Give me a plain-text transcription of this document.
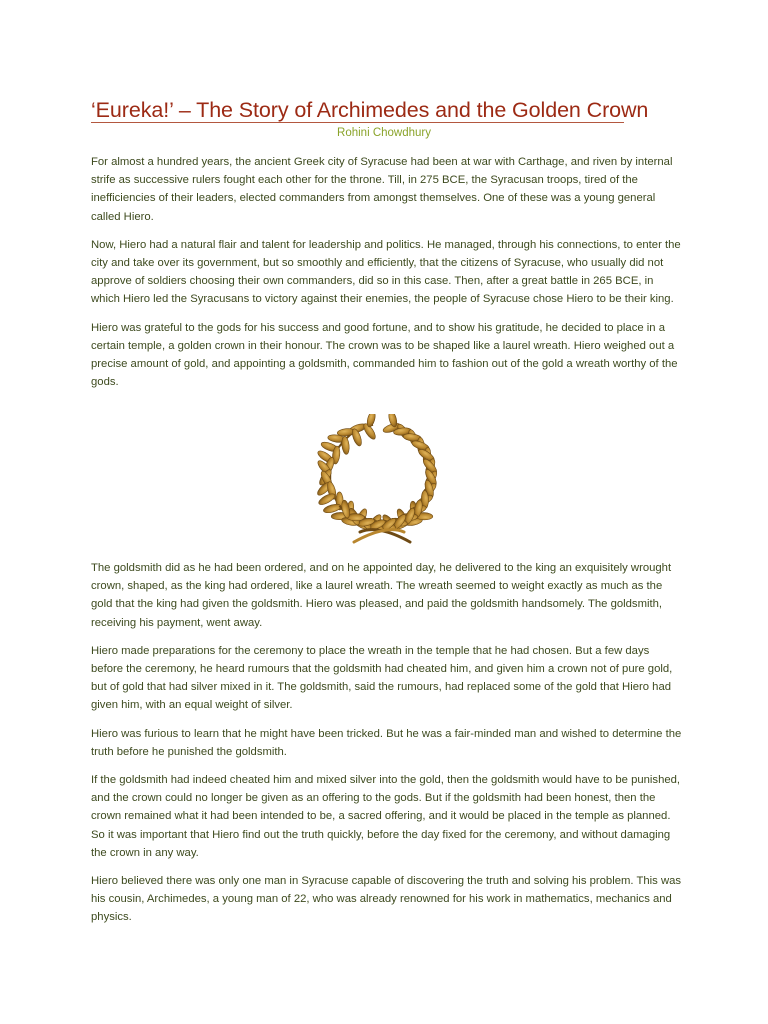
‘Eureka!’ – The Story of Archimedes and the Golden Crown
Rohini Chowdhury

For almost a hundred years, the ancient Greek city of Syracuse had been at war with Carthage, and riven by internal strife as successive rulers fought each other for the throne. Till, in 275 BCE, the Syracusan troops, tired of the inefficiencies of their leaders, elected commanders from amongst themselves. One of these was a young general called Hiero.

Now, Hiero had a natural flair and talent for leadership and politics. He managed, through his connections, to enter the city and take over its government, but so smoothly and efficiently, that the citizens of Syracuse, who usually did not approve of soldiers choosing their own commanders, did so in this case. Then, after a great battle in 265 BCE, in which Hiero led the Syracusans to victory against their enemies, the people of Syracuse chose Hiero to be their king.

Hiero was grateful to the gods for his success and good fortune, and to show his gratitude, he decided to place in a certain temple, a golden crown in their honour. The crown was to be shaped like a laurel wreath. Hiero weighed out a precise amount of gold, and appointing a goldsmith, commanded him to fashion out of the gold a wreath worthy of the gods.

The goldsmith did as he had been ordered, and on he appointed day, he delivered to the king an exquisitely wrought crown, shaped, as the king had ordered, like a laurel wreath. The wreath seemed to weight exactly as much as the gold that the king had given the goldsmith. Hiero was pleased, and paid the goldsmith handsomely. The goldsmith, receiving his payment, went away.

Hiero made preparations for the ceremony to place the wreath in the temple that he had chosen. But a few days before the ceremony, he heard rumours that the goldsmith had cheated him, and given him a crown not of pure gold, but of gold that had silver mixed in it. The goldsmith, said the rumours, had replaced some of the gold that Hiero had given him, with an equal weight of silver.

Hiero was furious to learn that he might have been tricked. But he was a fair-minded man and wished to determine the truth before he punished the goldsmith.

If the goldsmith had indeed cheated him and mixed silver into the gold, then the goldsmith would have to be punished, and the crown could no longer be given as an offering to the gods. But if the goldsmith had been honest, then the crown remained what it had been intended to be, a sacred offering, and it would be placed in the temple as planned. So it was important that Hiero find out the truth quickly, before the day fixed for the ceremony, and without damaging the crown in any way.

Hiero believed there was only one man in Syracuse capable of discovering the truth and solving his problem. This was his cousin, Archimedes, a young man of 22, who was already renowned for his work in mathematics, mechanics and physics.
